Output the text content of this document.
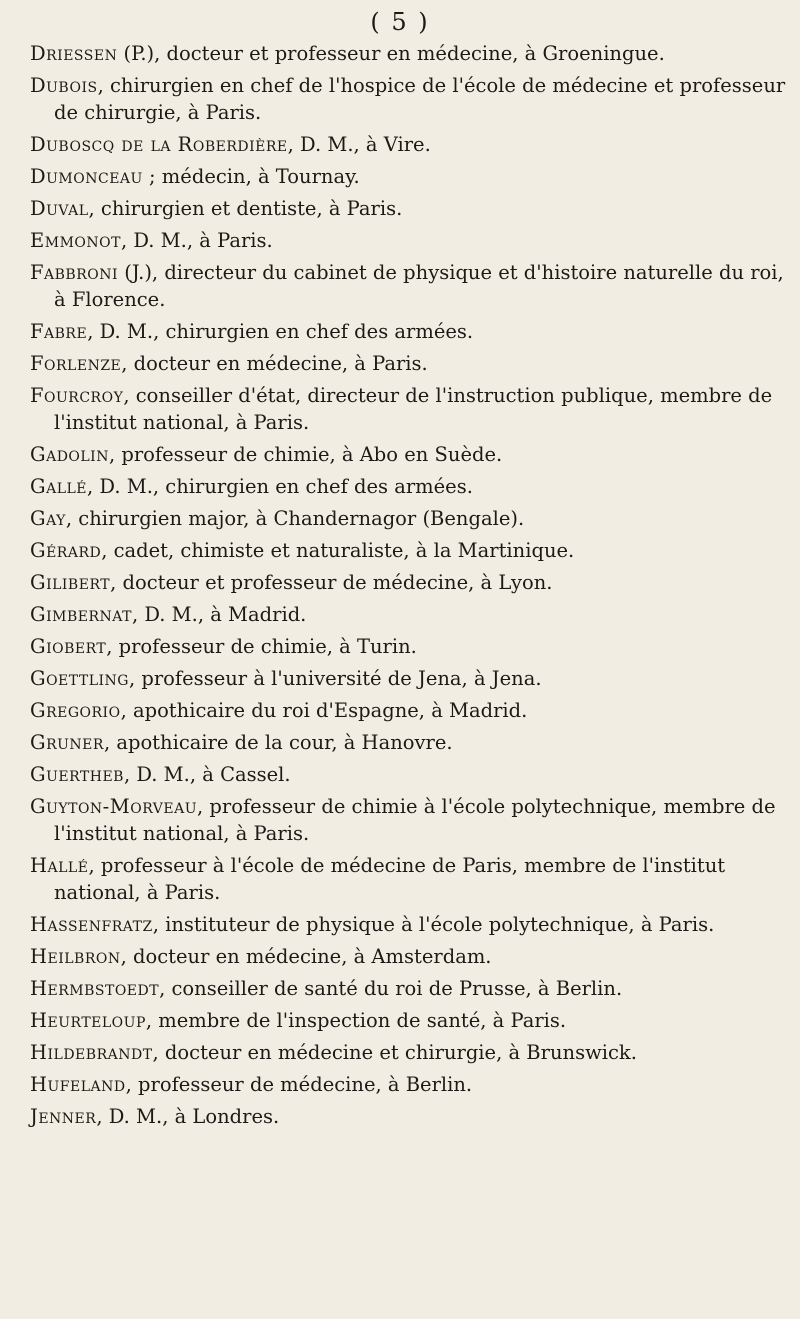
( 5 )
Driessen (P.), docteur et professeur en médecine, à Groeningue.
Dubois, chirurgien en chef de l'hospice de l'école de médecine et professeur de chirurgie, à Paris.
Duboscq de la Roberdière, D. M., à Vire.
Dumonceau ; médecin, à Tournay.
Duval, chirurgien et dentiste, à Paris.
Emmonot, D. M., à Paris.
Fabbroni (J.), directeur du cabinet de physique et d'histoire naturelle du roi, à Florence.
Fabre, D. M., chirurgien en chef des armées.
Forlenze, docteur en médecine, à Paris.
Fourcroy, conseiller d'état, directeur de l'instruction publique, membre de l'institut national, à Paris.
Gadolin, professeur de chimie, à Abo en Suède.
Gallé, D. M., chirurgien en chef des armées.
Gay, chirurgien major, à Chandernagor (Bengale).
Gérard, cadet, chimiste et naturaliste, à la Martinique.
Gilibert, docteur et professeur de médecine, à Lyon.
Gimbernat, D. M., à Madrid.
Giobert, professeur de chimie, à Turin.
Goettling, professeur à l'université de Jena, à Jena.
Gregorio, apothicaire du roi d'Espagne, à Madrid.
Gruner, apothicaire de la cour, à Hanovre.
Guertheb, D. M., à Cassel.
Guyton-Morveau, professeur de chimie à l'école polytechnique, membre de l'institut national, à Paris.
Hallé, professeur à l'école de médecine de Paris, membre de l'institut national, à Paris.
Hassenfratz, instituteur de physique à l'école polytechnique, à Paris.
Heilbron, docteur en médecine, à Amsterdam.
Hermbstoedt, conseiller de santé du roi de Prusse, à Berlin.
Heurteloup, membre de l'inspection de santé, à Paris.
Hildebrandt, docteur en médecine et chirurgie, à Brunswick.
Hufeland, professeur de médecine, à Berlin.
Jenner, D. M., à Londres.
